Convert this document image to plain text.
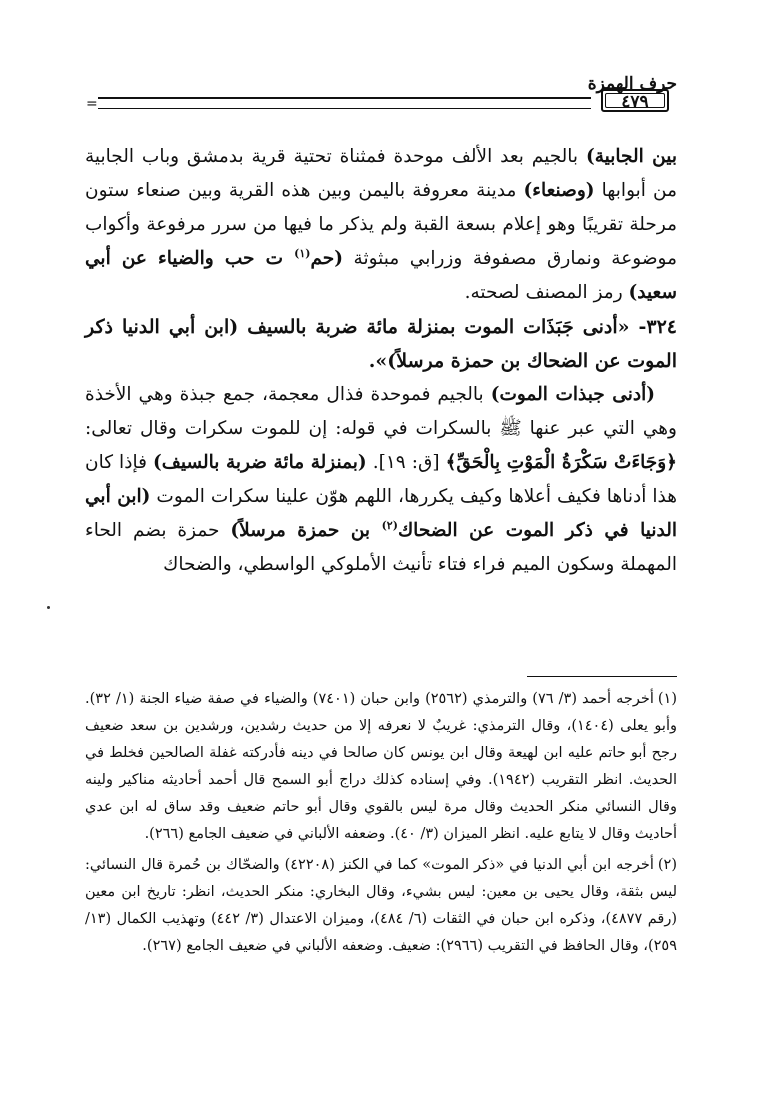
حرف الهمزة
٤٧٩
=

بين الجابية) بالجيم بعد الألف موحدة فمثناة تحتية قرية بدمشق وباب الجابية من أبوابها (وصنعاء) مدينة معروفة باليمن وبين هذه القرية وبين صنعاء ستون مرحلة تقريبًا وهو إعلام بسعة القبة ولم يذكر ما فيها من سرر مرفوعة وأكواب موضوعة ونمارق مصفوفة وزرابي مبثوثة (حم$^{(١)}$ ت حب والضياء عن أبي سعيد) رمز المصنف لصحته.

٣٢٤- «أدنى جَبَذَات الموت بمنزلة مائة ضربة بالسيف (ابن أبي الدنيا ذكر الموت عن الضحاك بن حمزة مرسلاً)».

(أدنى جبذات الموت) بالجيم فموحدة فذال معجمة، جمع جبذة وهي الأخذة وهي التي عبر عنها ﷺ بالسكرات في قوله: إن للموت سكرات وقال تعالى: ﴿وَجَاءَتْ سَكْرَةُ الْمَوْتِ بِالْحَقِّ﴾ [ق: ١٩]. (بمنزلة مائة ضربة بالسيف) فإذا كان هذا أدناها فكيف أعلاها وكيف يكررها، اللهم هوّن علينا سكرات الموت (ابن أبي الدنيا في ذكر الموت عن الضحاك$^{(٢)}$ بن حمزة مرسلاً) حمزة بضم الحاء المهملة وسكون الميم فراء فتاء تأنيث الأملوكي الواسطي، والضحاك

(١)أخرجه أحمد (٣/ ٧٦) والترمذي (٢٥٦٢) وابن حبان (٧٤٠١) والضياء في صفة ضياء الجنة (١/ ٣٢). وأبو يعلى (١٤٠٤)، وقال الترمذي: غريبٌ لا نعرفه إلا من حديث رشدين، ورشدين بن سعد ضعيف رجح أبو حاتم عليه ابن لهيعة وقال ابن يونس كان صالحا في دينه فأدركته غفلة الصالحين فخلط في الحديث. انظر التقريب (١٩٤٢). وفي إسناده كذلك دراج أبو السمح قال أحمد أحاديثه مناكير ولينه وقال النسائي منكر الحديث وقال مرة ليس بالقوي وقال أبو حاتم ضعيف وقد ساق له ابن عدي أحاديث وقال لا يتابع عليه. انظر الميزان (٣/ ٤٠). وضعفه الألباني في ضعيف الجامع (٢٦٦).

(٢)أخرجه ابن أبي الدنيا في «ذكر الموت» كما في الكنز (٤٢٢٠٨) والضحّاك بن حُمرة قال النسائي: ليس بثقة، وقال يحيى بن معين: ليس بشيء، وقال البخاري: منكر الحديث، انظر: تاريخ ابن معين (رقم ٤٨٧٧)، وذكره ابن حبان في الثقات (٦/ ٤٨٤)، وميزان الاعتدال (٣/ ٤٤٢) وتهذيب الكمال (١٣/ ٢٥٩)، وقال الحافظ في التقريب (٢٩٦٦): ضعيف. وضعفه الألباني في ضعيف الجامع (٢٦٧).
